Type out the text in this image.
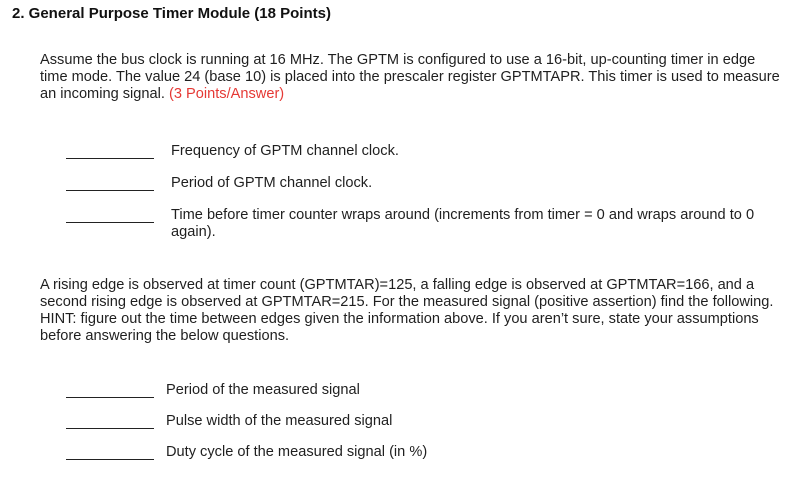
2. General Purpose Timer Module (18 Points)

Assume the bus clock is running at 16 MHz. The GPTM is configured to use a 16-bit, up-counting timer in edge time mode. The value 24 (base 10) is placed into the prescaler register GPTMTAPR. This timer is used to measure an incoming signal. (3 Points/Answer)

Frequency of GPTM channel clock.
Period of GPTM channel clock.
Time before timer counter wraps around (increments from timer = 0 and wraps around to 0 again).

A rising edge is observed at timer count (GPTMTAR)=125, a falling edge is observed at GPTMTAR=166, and a second rising edge is observed at GPTMTAR=215. For the measured signal (positive assertion) find the following. HINT: figure out the time between edges given the information above. If you aren’t sure, state your assumptions before answering the below questions.

Period of the measured signal
Pulse width of the measured signal
Duty cycle of the measured signal (in %)
